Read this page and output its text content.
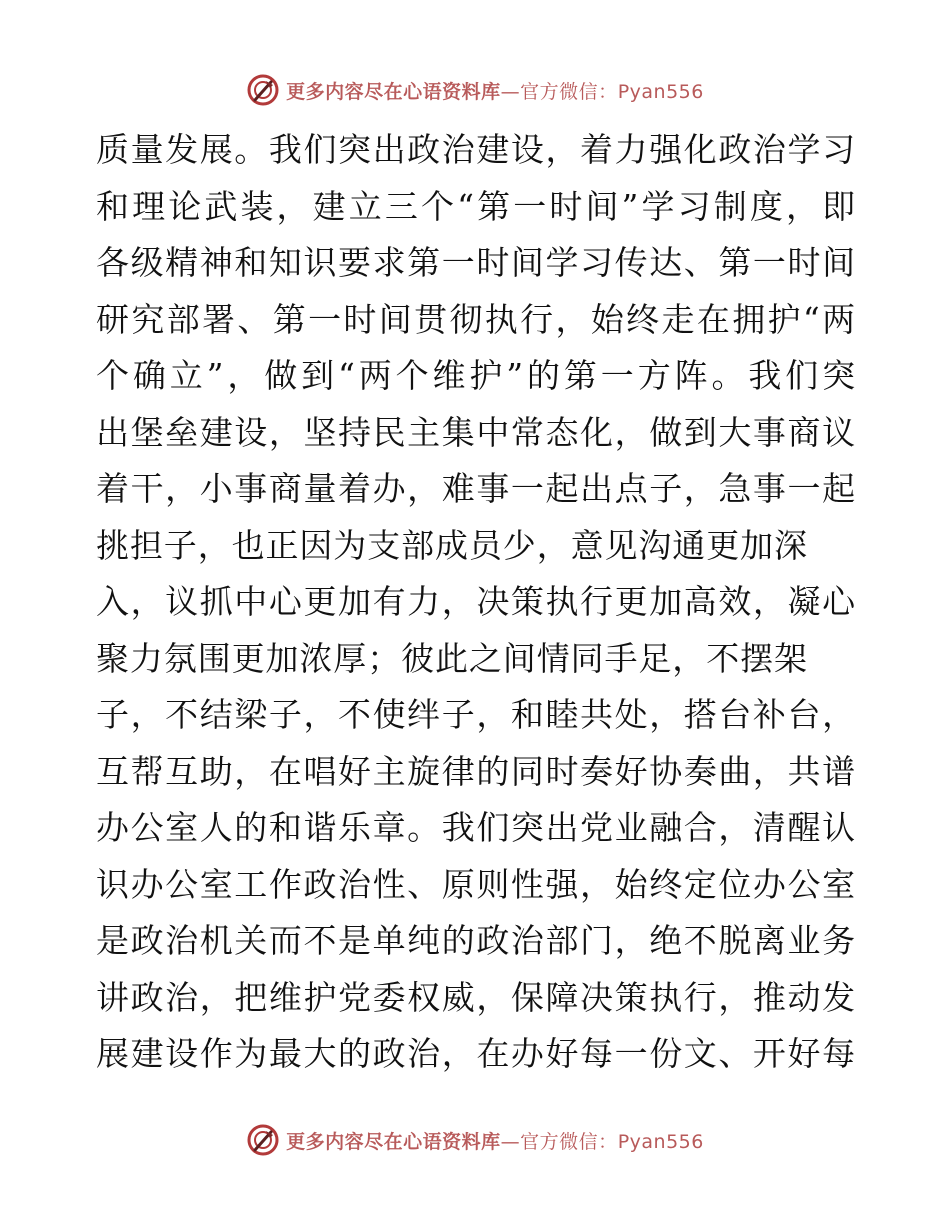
更多内容尽在心语资料库—官方微信：Pyan556
质量发展。我们突出政治建设，着力强化政治学习
和理论武装，建立三个“第一时间”学习制度，即
各级精神和知识要求第一时间学习传达、第一时间
研究部署、第一时间贯彻执行，始终走在拥护“两
个确立”，做到“两个维护”的第一方阵。我们突
出堡垒建设，坚持民主集中常态化，做到大事商议
着干，小事商量着办，难事一起出点子，急事一起
挑担子，也正因为支部成员少，意见沟通更加深
入，议抓中心更加有力，决策执行更加高效，凝心
聚力氛围更加浓厚；彼此之间情同手足，不摆架
子，不结梁子，不使绊子，和睦共处，搭台补台，
互帮互助，在唱好主旋律的同时奏好协奏曲，共谱
办公室人的和谐乐章。我们突出党业融合，清醒认
识办公室工作政治性、原则性强，始终定位办公室
是政治机关而不是单纯的政治部门，绝不脱离业务
讲政治，把维护党委权威，保障决策执行，推动发
展建设作为最大的政治，在办好每一份文、开好每
更多内容尽在心语资料库—官方微信：Pyan556
